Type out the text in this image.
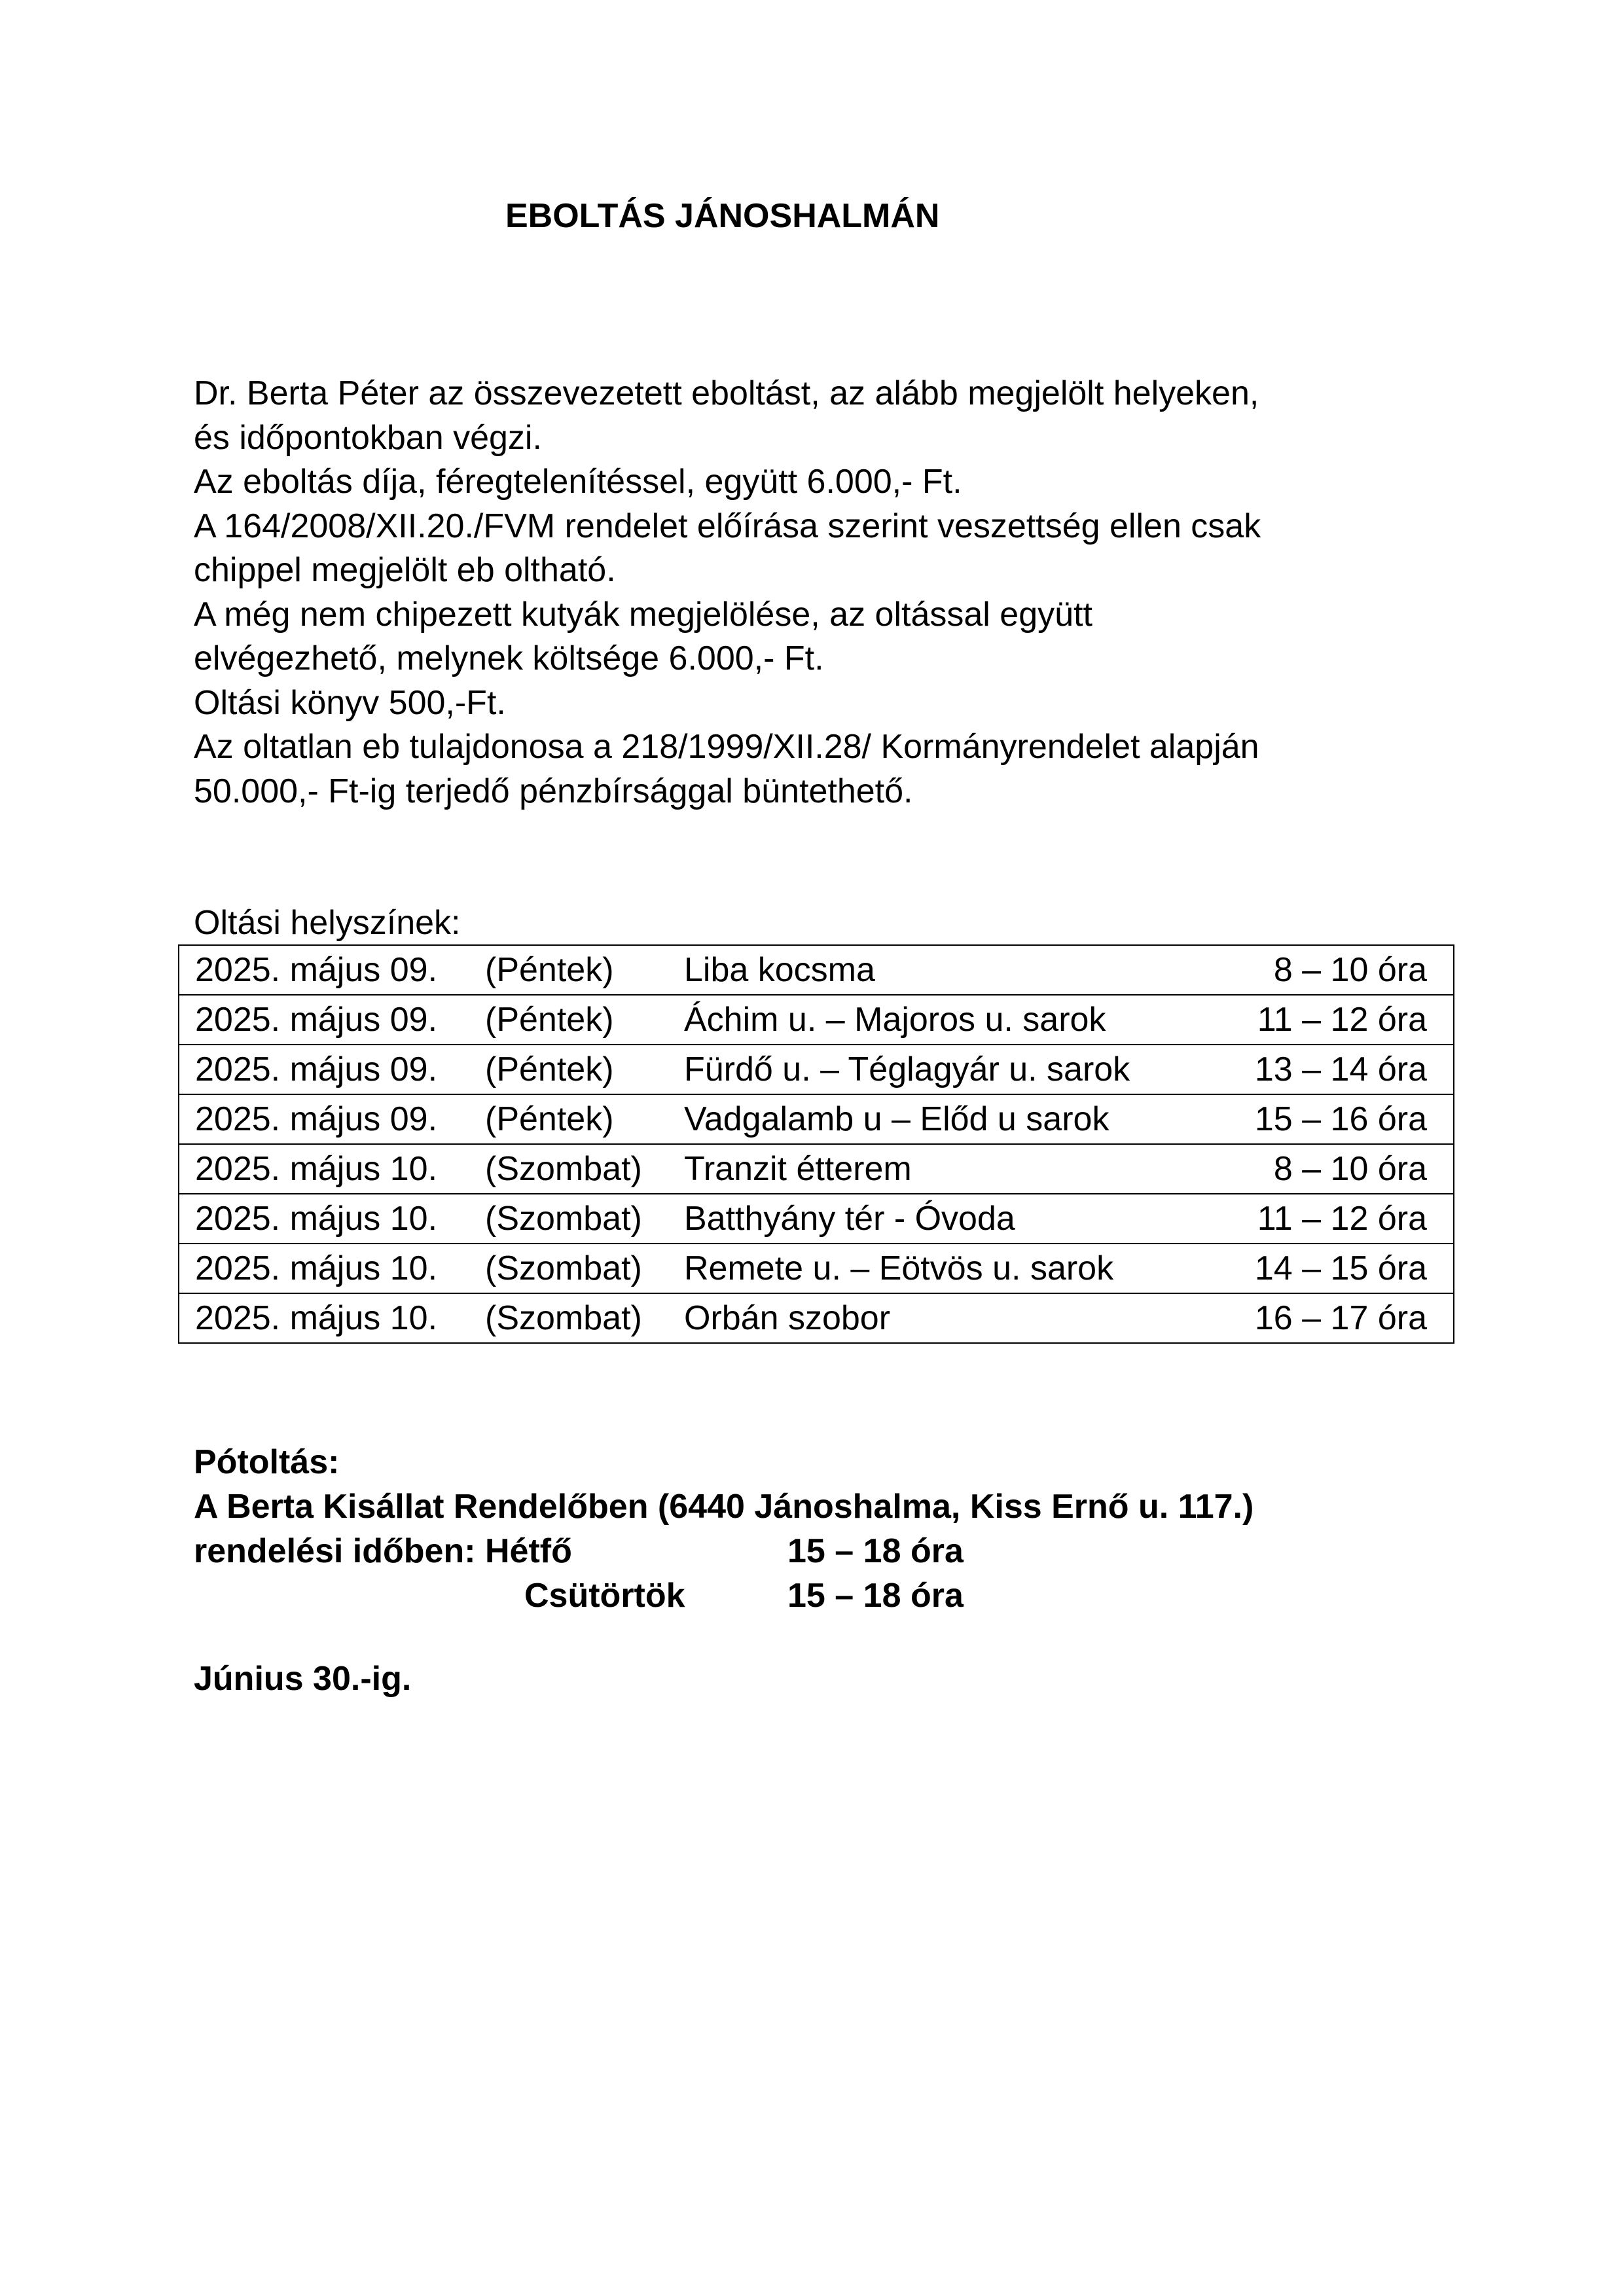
EBOLTÁS JÁNOSHALMÁN
Dr. Berta Péter az összevezetett eboltást, az alább megjelölt helyeken,
és időpontokban végzi.
Az eboltás díja, féregtelenítéssel, együtt 6.000,- Ft.
A 164/2008/XII.20./FVM rendelet előírása szerint veszettség ellen csak
chippel megjelölt eb oltható.
A még nem chipezett kutyák megjelölése, az oltással együtt
elvégezhető, melynek költsége 6.000,- Ft.
Oltási könyv 500,-Ft.
Az oltatlan eb tulajdonosa a 218/1999/XII.28/ Kormányrendelet alapján
50.000,- Ft-ig terjedő pénzbírsággal büntethető.
Oltási helyszínek:
2025. május 09.	(Péntek)	Liba kocsma	8 – 10 óra
2025. május 09.	(Péntek)	Áchim u. – Majoros u. sarok	11 – 12 óra
2025. május 09.	(Péntek)	Fürdő u. – Téglagyár u. sarok	13 – 14 óra
2025. május 09.	(Péntek)	Vadgalamb u – Előd u sarok	15 – 16 óra
2025. május 10.	(Szombat)	Tranzit étterem	8 – 10 óra
2025. május 10.	(Szombat)	Batthyány tér - Óvoda	11 – 12 óra
2025. május 10.	(Szombat)	Remete u. – Eötvös u. sarok	14 – 15 óra
2025. május 10.	(Szombat)	Orbán szobor	16 – 17 óra
Pótoltás:
A Berta Kisállat Rendelőben (6440 Jánoshalma, Kiss Ernő u. 117.)
rendelési időben: Hétfő	15 – 18 óra
Csütörtök	15 – 18 óra
Június 30.-ig.
